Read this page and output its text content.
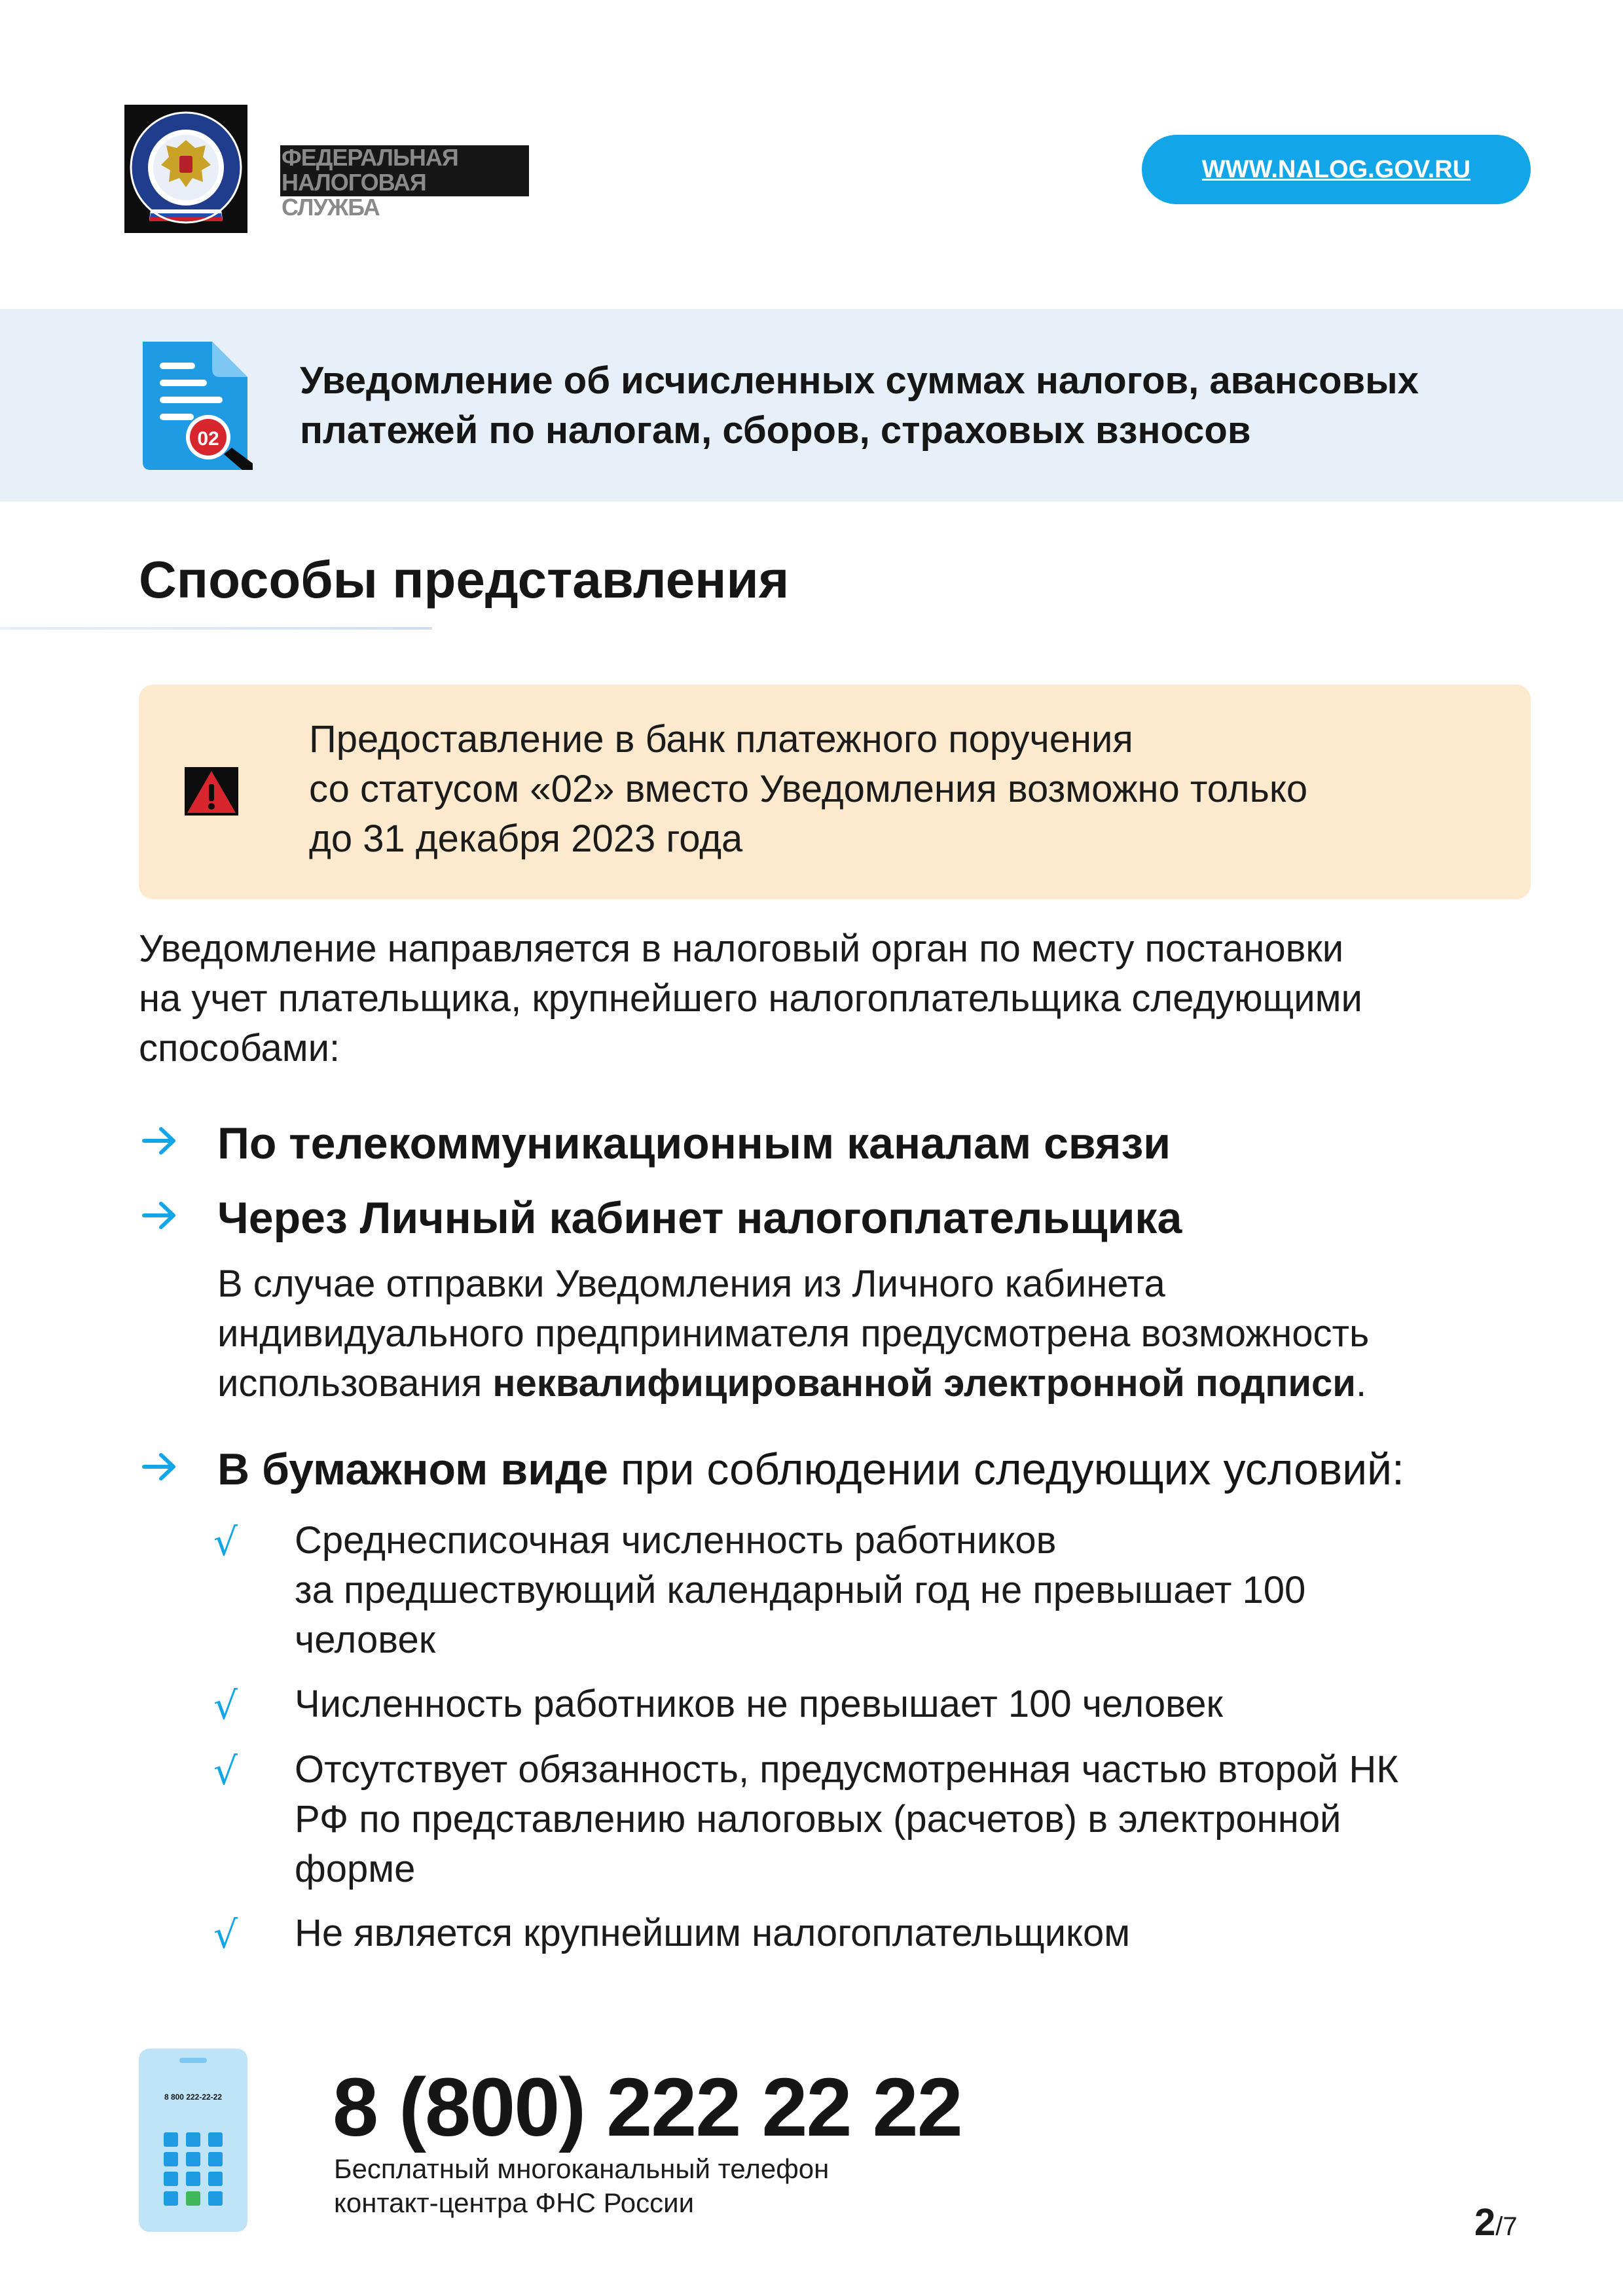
ФЕДЕРАЛЬНАЯ
НАЛОГОВАЯ СЛУЖБА
WWW.NALOG.GOV.RU
02
Уведомление об исчисленных суммах налогов, авансовых
платежей по налогам, сборов, страховых взносов
Способы представления
Предоставление в банк платежного поручения
со статусом «02» вместо Уведомления возможно только
до 31 декабря 2023 года
Уведомление направляется в налоговый орган по месту постановки
на учет плательщика, крупнейшего налогоплательщика следующими
способами:
По телекоммуникационным каналам связи
Через Личный кабинет налогоплательщика
В случае отправки Уведомления из Личного кабинета
индивидуального предпринимателя предусмотрена возможность
использования неквалифицированной электронной подписи.
В бумажном виде при соблюдении следующих условий:
√ Среднесписочная численность работников
за предшествующий календарный год не превышает 100
человек
√ Численность работников не превышает 100 человек
√ Отсутствует обязанность, предусмотренная частью второй НК
РФ по представлению налоговых (расчетов) в электронной
форме
√ Не является крупнейшим налогоплательщиком
8 800 222-22-22 8 (800) 222 22 22
Бесплатный многоканальный телефон
контакт-центра ФНС России	2/7
